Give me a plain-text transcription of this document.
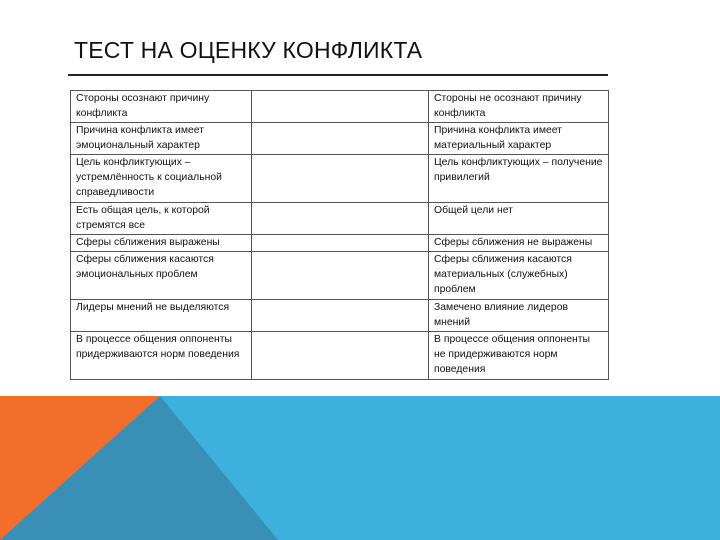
ТЕСТ НА ОЦЕНКУ КОНФЛИКТА
Стороны осознают причину конфликта		Стороны не осознают причину конфликта
Причина конфликта имеет эмоциональный характер		Причина конфликта имеет материальный характер
Цель конфликтующих – устремлённость к социальной справедливости		Цель конфликтующих – получение привилегий
Есть общая цель, к которой стремятся все		Общей цели нет
Сферы сближения выражены		Сферы сближения не выражены
Сферы сближения касаются эмоциональных проблем		Сферы сближения касаются материальных (служебных) проблем
Лидеры мнений не выделяются		Замечено влияние лидеров мнений
В процессе общения оппоненты придерживаются норм поведения		В процессе общения оппоненты не придерживаются норм поведения
